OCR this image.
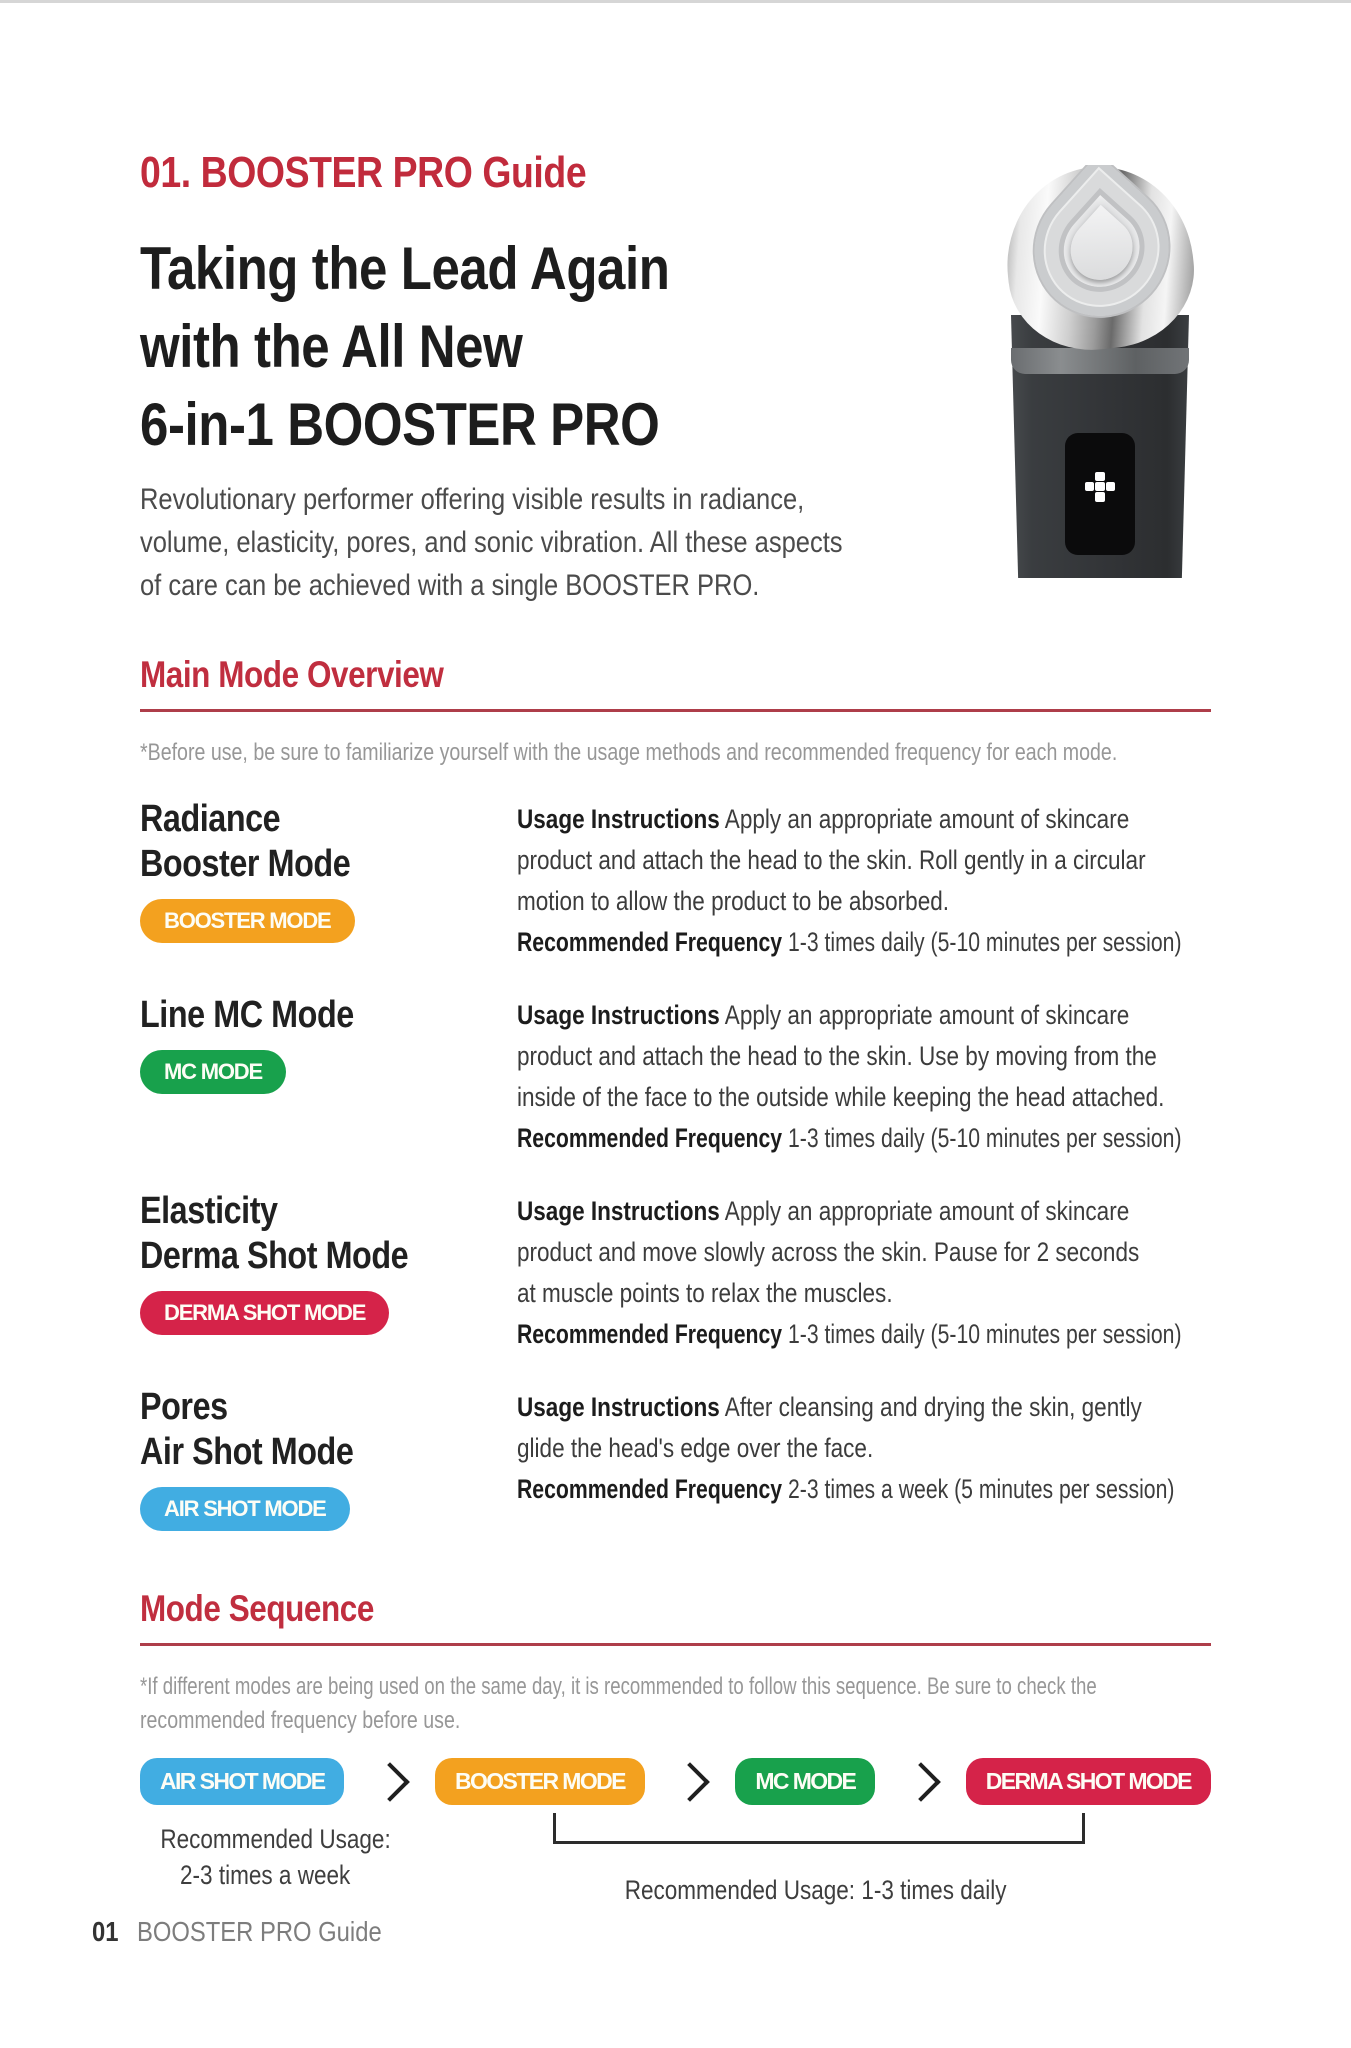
01. BOOSTER PRO Guide
Taking the Lead Again
with the All New
6-in-1 BOOSTER PRO

Revolutionary performer offering visible results in radiance,
volume, elasticity, pores, and sonic vibration. All these aspects
of care can be achieved with a single BOOSTER PRO.

Main Mode Overview
*Before use, be sure to familiarize yourself with the usage methods and recommended frequency for each mode.
Radiance
Booster Mode
BOOSTER MODE
Usage Instructions Apply an appropriate amount of skincare
product and attach the head to the skin. Roll gently in a circular
motion to allow the product to be absorbed.
Recommended Frequency 1-3 times daily (5-10 minutes per session)
Line MC Mode
MC MODE
Usage Instructions Apply an appropriate amount of skincare
product and attach the head to the skin. Use by moving from the
inside of the face to the outside while keeping the head attached.
Recommended Frequency 1-3 times daily (5-10 minutes per session)
Elasticity
Derma Shot Mode
DERMA SHOT MODE
Usage Instructions Apply an appropriate amount of skincare
product and move slowly across the skin. Pause for 2 seconds
at muscle points to relax the muscles.
Recommended Frequency 1-3 times daily (5-10 minutes per session)
Pores
Air Shot Mode
AIR SHOT MODE
Usage Instructions After cleansing and drying the skin, gently
glide the head's edge over the face.
Recommended Frequency 2-3 times a week (5 minutes per session)
Mode Sequence
*If different modes are being used on the same day, it is recommended to follow this sequence. Be sure to check the
recommended frequency before use.
AIR SHOT MODE	BOOSTER MODE	MC MODE	DERMA SHOT MODE
Recommended Usage:
2-3 times a week	Recommended Usage: 1-3 times daily
01 BOOSTER PRO Guide
